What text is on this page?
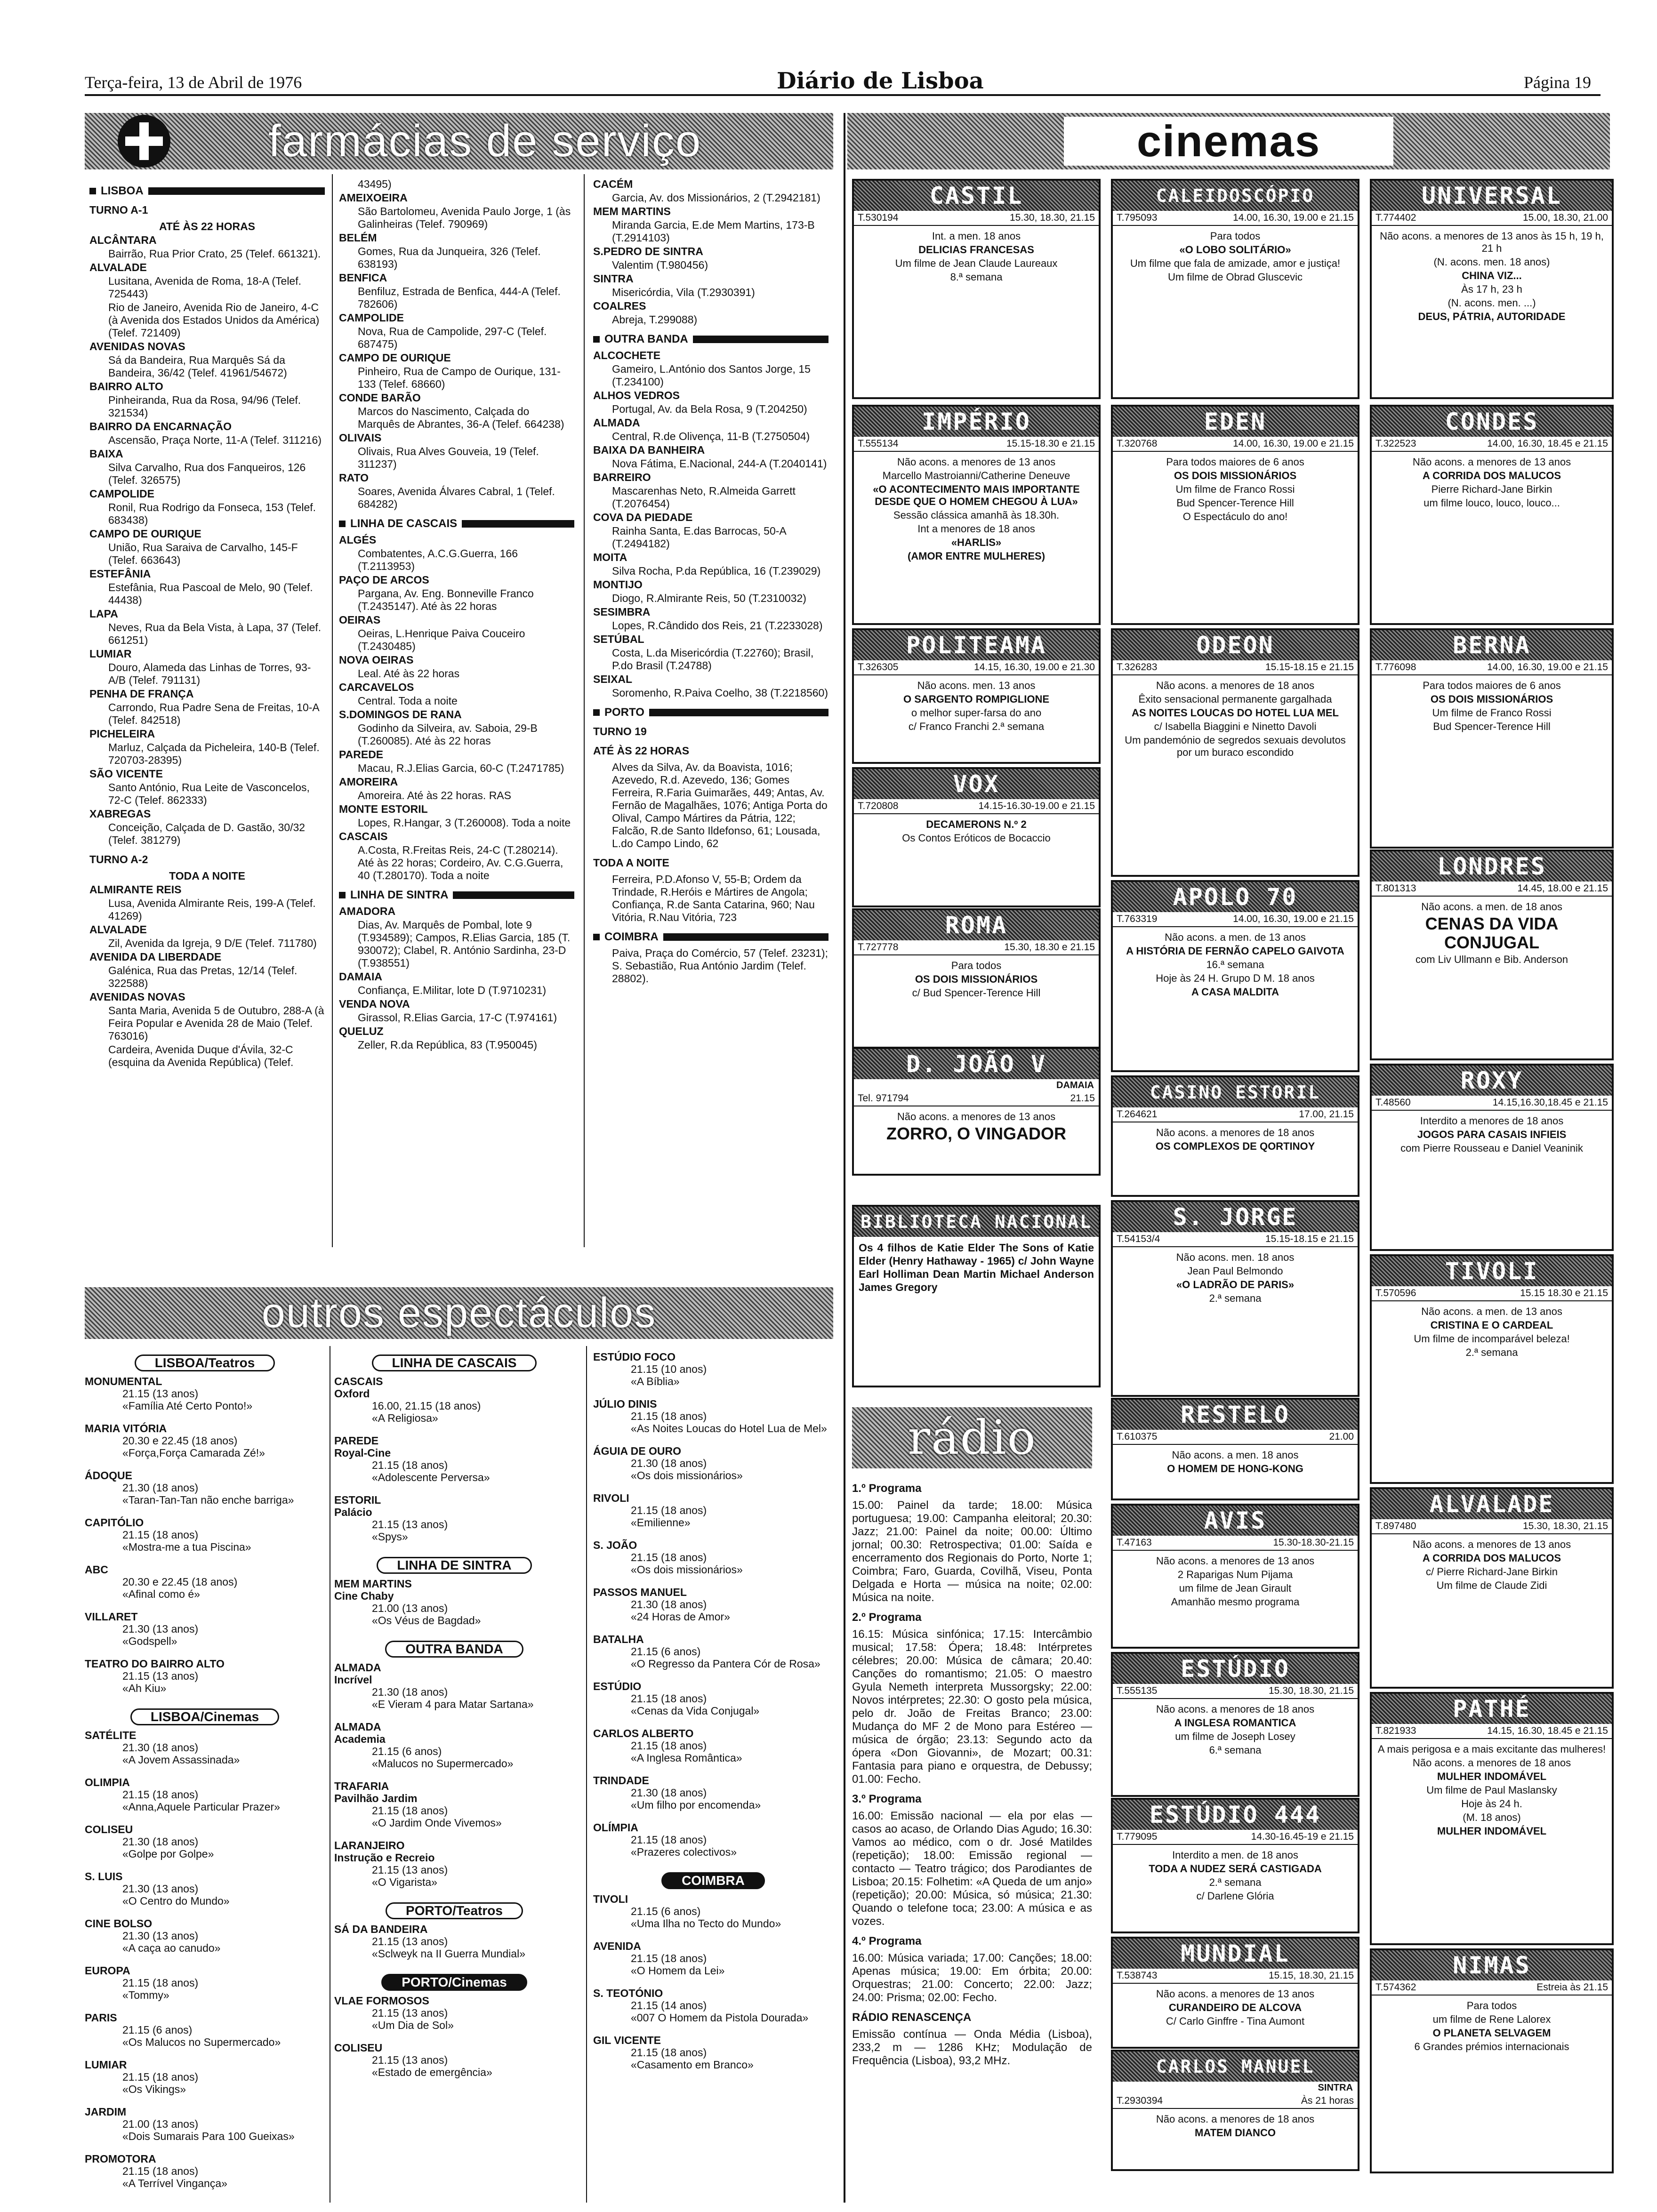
Terça-feira, 13 de Abril de 1976	Diário de Lisboa	Página 19
farmácias de serviço
LISBOA

TURNO A-1

ATÉ ÀS 22 HORAS

ALCÂNTARA

Bairrão, Rua Prior Crato, 25 (Telef. 661321).

ALVALADE

Lusitana, Avenida de Roma, 18-A (Telef. 725443)

Rio de Janeiro, Avenida Rio de Janeiro, 4-C (à Avenida dos Estados Unidos da América) (Telef. 721409)

AVENIDAS NOVAS

Sá da Bandeira, Rua Marquês Sá da Bandeira, 36/42 (Telef. 41961/54672)

BAIRRO ALTO

Pinheiranda, Rua da Rosa, 94/96 (Telef. 321534)

BAIRRO DA ENCARNAÇÃO

Ascensão, Praça Norte, 11-A (Telef. 311216)

BAIXA

Silva Carvalho, Rua dos Fanqueiros, 126 (Telef. 326575)

CAMPOLIDE

Ronil, Rua Rodrigo da Fonseca, 153 (Telef. 683438)

CAMPO DE OURIQUE

União, Rua Saraiva de Carvalho, 145-F (Telef. 663643)

ESTEFÂNIA

Estefânia, Rua Pascoal de Melo, 90 (Telef. 44438)

LAPA

Neves, Rua da Bela Vista, à Lapa, 37 (Telef. 661251)

LUMIAR

Douro, Alameda das Linhas de Torres, 93-A/B (Telef. 791131)

PENHA DE FRANÇA

Carrondo, Rua Padre Sena de Freitas, 10-A (Telef. 842518)

PICHELEIRA

Marluz, Calçada da Picheleira, 140-B (Telef. 720703-28395)

SÃO VICENTE

Santo António, Rua Leite de Vasconcelos, 72-C (Telef. 862333)

XABREGAS

Conceição, Calçada de D. Gastão, 30/32 (Telef. 381279)

TURNO A-2

TODA A NOITE

ALMIRANTE REIS

Lusa, Avenida Almirante Reis, 199-A (Telef. 41269)

ALVALADE

Zil, Avenida da Igreja, 9 D/E (Telef. 711780)

AVENIDA DA LIBERDADE

Galénica, Rua das Pretas, 12/14 (Telef. 322588)

AVENIDAS NOVAS

Santa Maria, Avenida 5 de Outubro, 288-A (à Feira Popular e Avenida 28 de Maio (Telef. 763016)

Cardeira, Avenida Duque d'Ávila, 32-C (esquina da Avenida República) (Telef.

43495)

AMEIXOEIRA

São Bartolomeu, Avenida Paulo Jorge, 1 (às Galinheiras (Telef. 790969)

BELÉM

Gomes, Rua da Junqueira, 326 (Telef. 638193)

BENFICA

Benfiluz, Estrada de Benfica, 444-A (Telef. 782606)

CAMPOLIDE

Nova, Rua de Campolide, 297-C (Telef. 687475)

CAMPO DE OURIQUE

Pinheiro, Rua de Campo de Ourique, 131-133 (Telef. 68660)

CONDE BARÃO

Marcos do Nascimento, Calçada do Marquês de Abrantes, 36-A (Telef. 664238)

OLIVAIS

Olivais, Rua Alves Gouveia, 19 (Telef. 311237)

RATO

Soares, Avenida Álvares Cabral, 1 (Telef. 684282)

LINHA DE CASCAIS

ALGÉS

Combatentes, A.C.G.Guerra, 166 (T.2113953)

PAÇO DE ARCOS

Pargana, Av. Eng. Bonneville Franco (T.2435147). Até às 22 horas

OEIRAS

Oeiras, L.Henrique Paiva Couceiro (T.2430485)

NOVA OEIRAS

Leal. Até às 22 horas

CARCAVELOS

Central. Toda a noite

S.DOMINGOS DE RANA

Godinho da Silveira, av. Saboia, 29-B (T.260085). Até às 22 horas

PAREDE

Macau, R.J.Elias Garcia, 60-C (T.2471785)

AMOREIRA

Amoreira. Até às 22 horas. RAS

MONTE ESTORIL

Lopes, R.Hangar, 3 (T.260008). Toda a noite

CASCAIS

A.Costa, R.Freitas Reis, 24-C (T.280214). Até às 22 horas; Cordeiro, Av. C.G.Guerra, 40 (T.280170). Toda a noite

LINHA DE SINTRA

AMADORA

Dias, Av. Marquês de Pombal, lote 9 (T.934589); Campos, R.Elias Garcia, 185 (T. 930072); Clabel, R. António Sardinha, 23-D (T.938551)

DAMAIA

Confiança, E.Militar, lote D (T.9710231)

VENDA NOVA

Girassol, R.Elias Garcia, 17-C (T.974161)

QUELUZ

Zeller, R.da República, 83 (T.950045)

CACÉM

Garcia, Av. dos Missionários, 2 (T.2942181)

MEM MARTINS

Miranda Garcia, E.de Mem Martins, 173-B (T.2914103)

S.PEDRO DE SINTRA

Valentim (T.980456)

SINTRA

Misericórdia, Vila (T.2930391)

COALRES

Abreja, T.299088)

OUTRA BANDA

ALCOCHETE

Gameiro, L.António dos Santos Jorge, 15 (T.234100)

ALHOS VEDROS

Portugal, Av. da Bela Rosa, 9 (T.204250)

ALMADA

Central, R.de Olivença, 11-B (T.2750504)

BAIXA DA BANHEIRA

Nova Fátima, E.Nacional, 244-A (T.2040141)

BARREIRO

Mascarenhas Neto, R.Almeida Garrett (T.2076454)

COVA DA PIEDADE

Rainha Santa, E.das Barrocas, 50-A (T.2494182)

MOITA

Silva Rocha, P.da República, 16 (T.239029)

MONTIJO

Diogo, R.Almirante Reis, 50 (T.2310032)

SESIMBRA

Lopes, R.Cândido dos Reis, 21 (T.2233028)

SETÚBAL

Costa, L.da Misericórdia (T.22760); Brasil, P.do Brasil (T.24788)

SEIXAL

Soromenho, R.Paiva Coelho, 38 (T.2218560)

PORTO

TURNO 19

ATÉ ÀS 22 HORAS

Alves da Silva, Av. da Boavista, 1016; Azevedo, R.d. Azevedo, 136; Gomes Ferreira, R.Faria Guimarães, 449; Antas, Av. Fernão de Magalhães, 1076; Antiga Porta do Olival, Campo Mártires da Pátria, 122; Falcão, R.de Santo Ildefonso, 61; Lousada, L.do Campo Lindo, 62

TODA A NOITE

Ferreira, P.D.Afonso V, 55-B; Ordem da Trindade, R.Heróis e Mártires de Angola; Confiança, R.de Santa Catarina, 960; Nau Vitória, R.Nau Vitória, 723

COIMBRA

Paiva, Praça do Comércio, 57 (Telef. 23231); S. Sebastião, Rua António Jardim (Telef. 28802).

cinemas
CASTIL
T.530194	15.30, 18.30, 21.15

Int. a men. 18 anos

DELICIAS FRANCESAS

Um filme de Jean Claude Laureaux

8.ª semana

CALEIDOSCÓPIO
T.795093	14.00, 16.30, 19.00 e 21.15

Para todos

«O LOBO SOLITÁRIO»

Um filme que fala de amizade, amor e justiça!

Um filme de Obrad Gluscevic

UNIVERSAL
T.774402	15.00, 18.30, 21.00

Não acons. a menores de 13 anos às 15 h, 19 h, 21 h

(N. acons. men. 18 anos)

CHINA VIZ...

Às 17 h, 23 h

(N. acons. men. ...)

DEUS, PÁTRIA, AUTORIDADE

IMPÉRIO
T.555134	15.15-18.30 e 21.15

Não acons. a menores de 13 anos

Marcello Mastroianni/Catherine Deneuve

«O ACONTECIMENTO MAIS IMPORTANTE DESDE QUE O HOMEM CHEGOU À LUA»

Sessão clássica amanhã às 18.30h.

Int a menores de 18 anos

«HARLIS»

(AMOR ENTRE MULHERES)

EDEN
T.320768	14.00, 16.30, 19.00 e 21.15

Para todos maiores de 6 anos

OS DOIS MISSIONÁRIOS

Um filme de Franco Rossi

Bud Spencer-Terence Hill

O Espectáculo do ano!

CONDES
T.322523	14.00, 16.30, 18.45 e 21.15

Não acons. a menores de 13 anos

A CORRIDA DOS MALUCOS

Pierre Richard-Jane Birkin

um filme louco, louco, louco...

POLITEAMA
T.326305	14.15, 16.30, 19.00 e 21.30

Não acons. men. 13 anos

O SARGENTO ROMPIGLIONE

o melhor super-farsa do ano

c/ Franco Franchi 2.ª semana

ODEON
T.326283	15.15-18.15 e 21.15

Não acons. a menores de 18 anos

Êxito sensacional permanente gargalhada

AS NOITES LOUCAS DO HOTEL LUA MEL

c/ Isabella Biaggini e Ninetto Davoli

Um pandemónio de segredos sexuais devolutos por um buraco escondido

BERNA
T.776098	14.00, 16.30, 19.00 e 21.15

Para todos maiores de 6 anos

OS DOIS MISSIONÁRIOS

Um filme de Franco Rossi

Bud Spencer-Terence Hill

VOX
T.720808	14.15-16.30-19.00 e 21.15

DECAMERONS N.º 2

Os Contos Eróticos de Bocaccio

APOLO 70
T.763319	14.00, 16.30, 19.00 e 21.15

Não acons. a men. de 13 anos

A HISTÓRIA DE FERNÃO CAPELO GAIVOTA

16.ª semana

Hoje às 24 H. Grupo D M. 18 anos

A CASA MALDITA

LONDRES
T.801313	14.45, 18.00 e 21.15

Não acons. a men. de 18 anos

CENAS DA VIDA CONJUGAL

com Liv Ullmann e Bib. Anderson

ROMA
T.727778	15.30, 18.30 e 21.15

Para todos

OS DOIS MISSIONÁRIOS

c/ Bud Spencer-Terence Hill

D. JOÃO V
DAMAIA
Tel. 971794	21.15

Não acons. a menores de 13 anos

ZORRO, O VINGADOR

CASINO ESTORIL
T.264621	17.00, 21.15

Não acons. a menores de 18 anos

OS COMPLEXOS DE QORTINOY

ROXY
T.48560	14.15,16.30,18.45 e 21.15

Interdito a menores de 18 anos

JOGOS PARA CASAIS INFIEIS

com Pierre Rousseau e Daniel Veaninik

BIBLIOTECA NACIONAL

Os 4 filhos de Katie Elder The Sons of Katie Elder (Henry Hathaway - 1965) c/ John Wayne Earl Holliman Dean Martin Michael Anderson James Gregory

S. JORGE
T.54153/4	15.15-18.15 e 21.15

Não acons. men. 18 anos

Jean Paul Belmondo

«O LADRÃO DE PARIS»

2.ª semana

TIVOLI
T.570596	15.15 18.30 e 21.15

Não acons. a men. de 13 anos

CRISTINA E O CARDEAL

Um filme de incomparável beleza!

2.ª semana

RESTELO
T.610375	21.00

Não acons. a men. 18 anos

O HOMEM DE HONG-KONG

AVIS
T.47163	15.30-18.30-21.15

Não acons. a menores de 13 anos

2 Raparigas Num Pijama

um filme de Jean Girault

Amanhão mesmo programa

ALVALADE
T.897480	15.30, 18.30, 21.15

Não acons. a menores de 13 anos

A CORRIDA DOS MALUCOS

c/ Pierre Richard-Jane Birkin

Um filme de Claude Zidi

ESTÚDIO
T.555135	15.30, 18.30, 21.15

Não acons. a menores de 18 anos

A INGLESA ROMANTICA

um filme de Joseph Losey

6.ª semana

PATHÉ
T.821933	14.15, 16.30, 18.45 e 21.15

A mais perigosa e a mais excitante das mulheres!

Não acons. a menores de 18 anos

MULHER INDOMÁVEL

Um filme de Paul Maslansky

Hoje às 24 h.

(M. 18 anos)

MULHER INDOMÁVEL

ESTÚDIO 444
T.779095	14.30-16.45-19 e 21.15

Interdito a men. de 18 anos

TODA A NUDEZ SERÁ CASTIGADA

2.ª semana

c/ Darlene Glória

MUNDIAL
T.538743	15.15, 18.30, 21.15

Não acons. a menores de 13 anos

CURANDEIRO DE ALCOVA

C/ Carlo Ginffre - Tina Aumont

NIMAS
T.574362	Estreia às 21.15

Para todos

um filme de Rene Lalorex

O PLANETA SELVAGEM

6 Grandes prémios internacionais

CARLOS MANUEL
SINTRA
T.2930394	Às 21 horas

Não acons. a menores de 18 anos

MATEM DIANCO

outros espectáculos
LISBOA/Teatros

MONUMENTAL

21.15 (13 anos)

«Família Até Certo Ponto!»

MARIA VITÓRIA

20.30 e 22.45 (18 anos)

«Força,Força Camarada Zé!»

ÁDOQUE

21.30 (18 anos)

«Taran-Tan-Tan não enche barriga»

CAPITÓLIO

21.15 (18 anos)

«Mostra-me a tua Piscina»

ABC

20.30 e 22.45 (18 anos)

«Afinal como é»

VILLARET

21.30 (13 anos)

«Godspell»

TEATRO DO BAIRRO ALTO

21.15 (13 anos)

«Ah Kiu»

LISBOA/Cinemas

SATÉLITE

21.30 (18 anos)

«A Jovem Assassinada»

OLIMPIA

21.15 (18 anos)

«Anna,Aquele Particular Prazer»

COLISEU

21.30 (18 anos)

«Golpe por Golpe»

S. LUIS

21.30 (13 anos)

«O Centro do Mundo»

CINE BOLSO

21.30 (13 anos)

«A caça ao canudo»

EUROPA

21.15 (18 anos)

«Tommy»

PARIS

21.15 (6 anos)

«Os Malucos no Supermercado»

LUMIAR

21.15 (18 anos)

«Os Vikings»

JARDIM

21.00 (13 anos)

«Dois Sumarais Para 100 Gueixas»

PROMOTORA

21.15 (18 anos)

«A Terrível Vingança»

LINHA DE CASCAIS

CASCAIS

Oxford

16.00, 21.15 (18 anos)

«A Religiosa»

PAREDE

Royal-Cine

21.15 (18 anos)

«Adolescente Perversa»

ESTORIL

Palácio

21.15 (13 anos)

«Spys»

LINHA DE SINTRA

MEM MARTINS

Cine Chaby

21.00 (13 anos)

«Os Véus de Bagdad»

OUTRA BANDA

ALMADA

Incrível

21.30 (18 anos)

«E Vieram 4 para Matar Sartana»

ALMADA

Academia

21.15 (6 anos)

«Malucos no Supermercado»

TRAFARIA

Pavilhão Jardim

21.15 (18 anos)

«O Jardim Onde Vivemos»

LARANJEIRO

Instrução e Recreio

21.15 (13 anos)

«O Vigarista»

PORTO/Teatros

SÁ DA BANDEIRA

21.15 (13 anos)

«Sclweyk na II Guerra Mundial»

PORTO/Cinemas

VLAE FORMOSOS

21.15 (13 anos)

«Um Dia de Sol»

COLISEU

21.15 (13 anos)

«Estado de emergência»

ESTÚDIO FOCO

21.15 (10 anos)

«A Bíblia»

JÚLIO DINIS

21.15 (18 anos)

«As Noites Loucas do Hotel Lua de Mel»

ÁGUIA DE OURO

21.30 (18 anos)

«Os dois missionários»

RIVOLI

21.15 (18 anos)

«Emilienne»

S. JOÃO

21.15 (18 anos)

«Os dois missionários»

PASSOS MANUEL

21.30 (18 anos)

«24 Horas de Amor»

BATALHA

21.15 (6 anos)

«O Regresso da Pantera Cór de Rosa»

ESTÚDIO

21.15 (18 anos)

«Cenas da Vida Conjugal»

CARLOS ALBERTO

21.15 (18 anos)

«A Inglesa Romântica»

TRINDADE

21.30 (18 anos)

«Um filho por encomenda»

OLÍMPIA

21.15 (18 anos)

«Prazeres colectivos»

COIMBRA

TIVOLI

21.15 (6 anos)

«Uma Ilha no Tecto do Mundo»

AVENIDA

21.15 (18 anos)

«O Homem da Lei»

S. TEOTÓNIO

21.15 (14 anos)

«007 O Homem da Pistola Dourada»

GIL VICENTE

21.15 (18 anos)

«Casamento em Branco»

rádio
1.º Programa

15.00: Painel da tarde; 18.00: Música portuguesa; 19.00: Campanha eleitoral; 20.30: Jazz; 21.00: Painel da noite; 00.00: Último jornal; 00.30: Retrospectiva; 01.00: Saída e encerramento dos Regionais do Porto, Norte 1; Coimbra; Faro, Guarda, Covilhã, Viseu, Ponta Delgada e Horta — música na noite; 02.00: Música na noite.

2.º Programa

16.15: Música sinfónica; 17.15: Intercâmbio musical; 17.58: Ópera; 18.48: Intérpretes célebres; 20.00: Música de câmara; 20.40: Canções do romantismo; 21.05: O maestro Gyula Nemeth interpreta Mussorgsky; 22.00: Novos intérpretes; 22.30: O gosto pela música, pelo dr. João de Freitas Branco; 23.00: Mudança do MF 2 de Mono para Estéreo — música de órgão; 23.13: Segundo acto da ópera «Don Giovanni», de Mozart; 00.31: Fantasia para piano e orquestra, de Debussy; 01.00: Fecho.

3.º Programa

16.00: Emissão nacional — ela por elas — casos ao acaso, de Orlando Dias Agudo; 16.30: Vamos ao médico, com o dr. José Matildes (repetição); 18.00: Emissão regional — contacto — Teatro trágico; dos Parodiantes de Lisboa; 20.15: Folhetim: «A Queda de um anjo» (repetição); 20.00: Música, só música; 21.30: Quando o telefone toca; 23.00: A música e as vozes.

4.º Programa

16.00: Música variada; 17.00: Canções; 18.00: Apenas música; 19.00: Em órbita; 20.00: Orquestras; 21.00: Concerto; 22.00: Jazz; 24.00: Prisma; 02.00: Fecho.

RÁDIO RENASCENÇA

Emissão contínua — Onda Média (Lisboa), 233,2 m — 1286 KHz; Modulação de Frequência (Lisboa), 93,2 MHz.
